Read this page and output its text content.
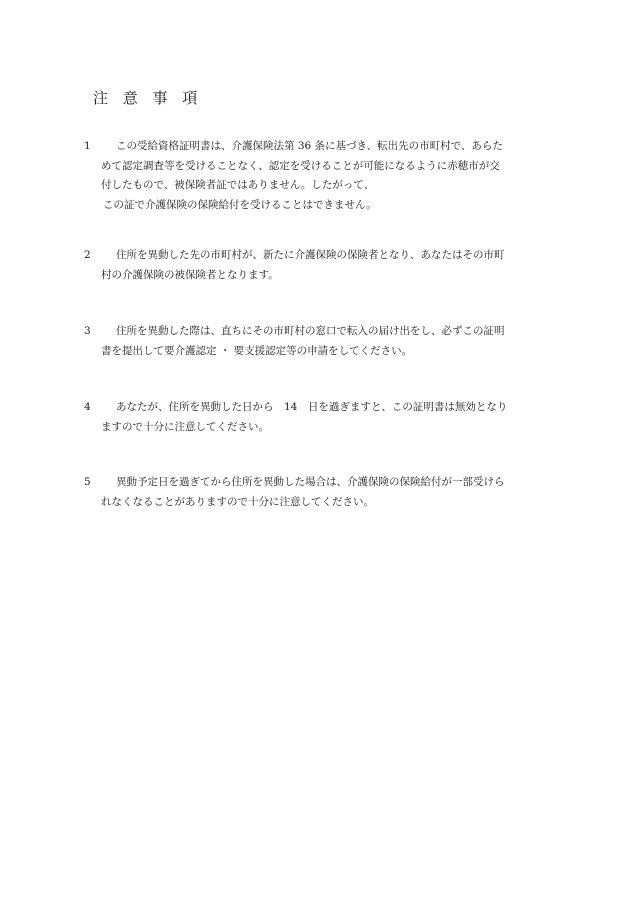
注 意 事 項
1	この受給資格証明書は、介護保険法第 36 条に基づき、転出先の市町村で、あらた
めて認定調査等を受けることなく、認定を受けることが可能になるように赤穂市が交
付したもので、被保険者証ではありません。したがって、
この証で介護保険の保険給付を受けることはできません。
2	住所を異動した先の市町村が、新たに介護保険の保険者となり、あなたはその市町
村の介護保険の被保険者となります。
3	住所を異動した際は、直ちにその市町村の窓口で転入の届け出をし、必ずこの証明
書を提出して要介護認定 ・ 要支援認定等の申請をしてください。
4	あなたが、住所を異動した日から　14　日を過ぎますと、この証明書は無効となり
ますので十分に注意してください。
5	異動予定日を過ぎてから住所を異動した場合は、介護保険の保険給付が一部受けら
れなくなることがありますので十分に注意してください。
